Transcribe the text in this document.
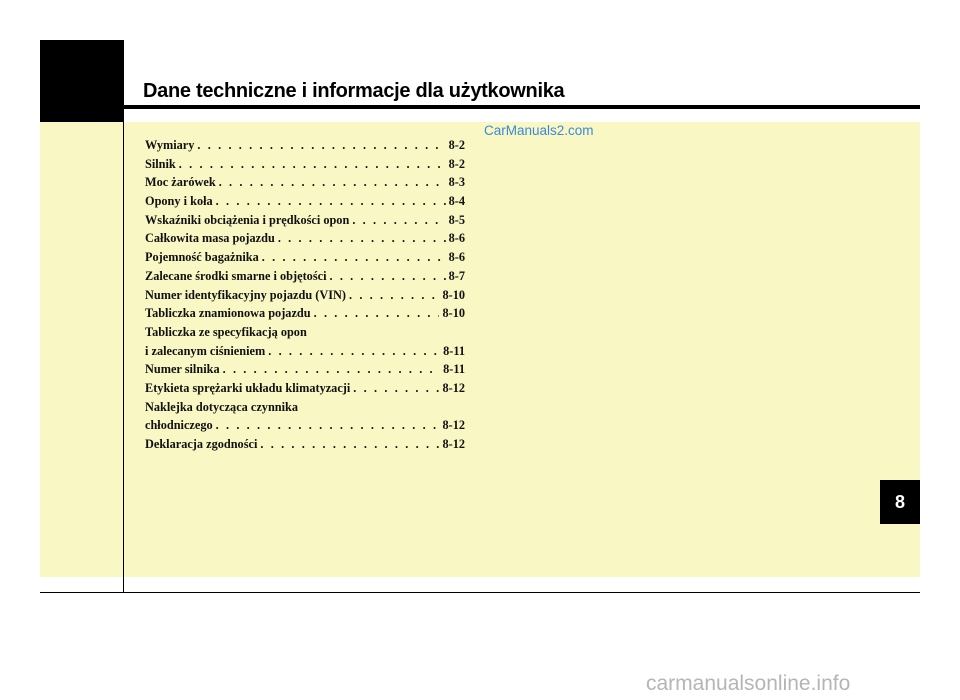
Dane techniczne i informacje dla użytkownika
CarManuals2.com
Wymiary . . .	8-2
Silnik . . .	8-2
Moc żarówek . . .	8-3
Opony i koła . . .	8-4
Wskaźniki obciążenia i prędkości opon . . .	8-5
Całkowita masa pojazdu . . .	8-6
Pojemność bagażnika . . .	8-6
Zalecane środki smarne i objętości . . .	8-7
Numer identyfikacyjny pojazdu (VIN) . . .	8-10
Tabliczka znamionowa pojazdu . . .	8-10
Tabliczka ze specyfikacją opon
i zalecanym ciśnieniem . . .	8-11
Numer silnika . . .	8-11
Etykieta sprężarki układu klimatyzacji . . .	8-12
Naklejka dotycząca czynnika
chłodniczego . . .	8-12
Deklaracja zgodności . . .	8-12
8
carmanualsonline.info
